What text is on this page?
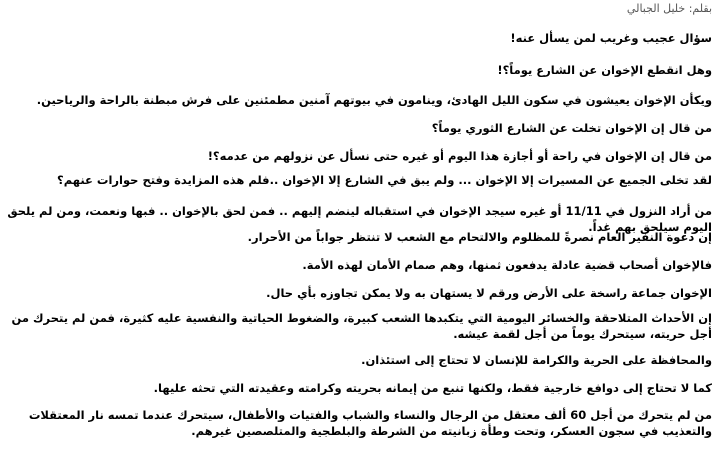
بقلم: خليل الجبالي

سؤال عجيب وغريب لمن يسأل عنه!

وهل انقطع الإخوان عن الشارع يوماً؟!

ويكأن الإخوان يعيشون في سكون الليل الهادئ، وينامون في بيوتهم آمنين مطمئنين على فرش مبطنة بالراحة والرياحين.

من قال إن الإخوان تخلت عن الشارع الثوري يوماً؟

من قال إن الإخوان في راحة أو أجازة هذا اليوم أو غيره حتى نسأل عن نزولهم من عدمه؟!

لقد تخلى الجميع عن المسيرات إلا الإخوان ... ولم يبق في الشارع إلا الإخوان ..فلم هذه المزايدة وفتح حوارات عنهم؟

من أراد النزول في 11/11 أو غيره سيجد الإخوان في استقباله لينضم إليهم .. فمن لحق بالإخوان .. فبها ونعمت، ومن لم يلحق اليوم سيلحق بهم غداً.

إن دعوة النفير العام نصرةً للمظلوم والالتحام مع الشعب لا تنتظر جواباً من الأحرار.

فالإخوان أصحاب قضية عادلة يدفعون ثمنها، وهم صمام الأمان لهذه الأمة.

الإخوان جماعة راسخة على الأرض ورقم لا يستهان به ولا يمكن تجاوزه بأي حال.

إن الأحداث المتلاحقة والخسائر اليومية التي يتكبدها الشعب كبيرة، والضغوط الحياتية والنفسية عليه كثيرة، فمن لم يتحرك من أجل حريته، سيتحرك يوماً من أجل لقمة عيشه.

والمحافظة على الحرية والكرامة للإنسان لا تحتاج إلى استئذان.

كما لا تحتاج إلى دوافع خارجية فقط، ولكنها تنبع من إيمانه بحريته وكرامته وعقيدته التي تحثه عليها.

من لم يتحرك من أجل 60 ألف معتقل من الرجال والنساء والشباب والفتيات والأطفال، سيتحرك عندما تمسه نار المعتقلات والتعذيب في سجون العسكر، وتحت وطأة زبانيته من الشرطة والبلطجية والمتلصصين غيرهم.
